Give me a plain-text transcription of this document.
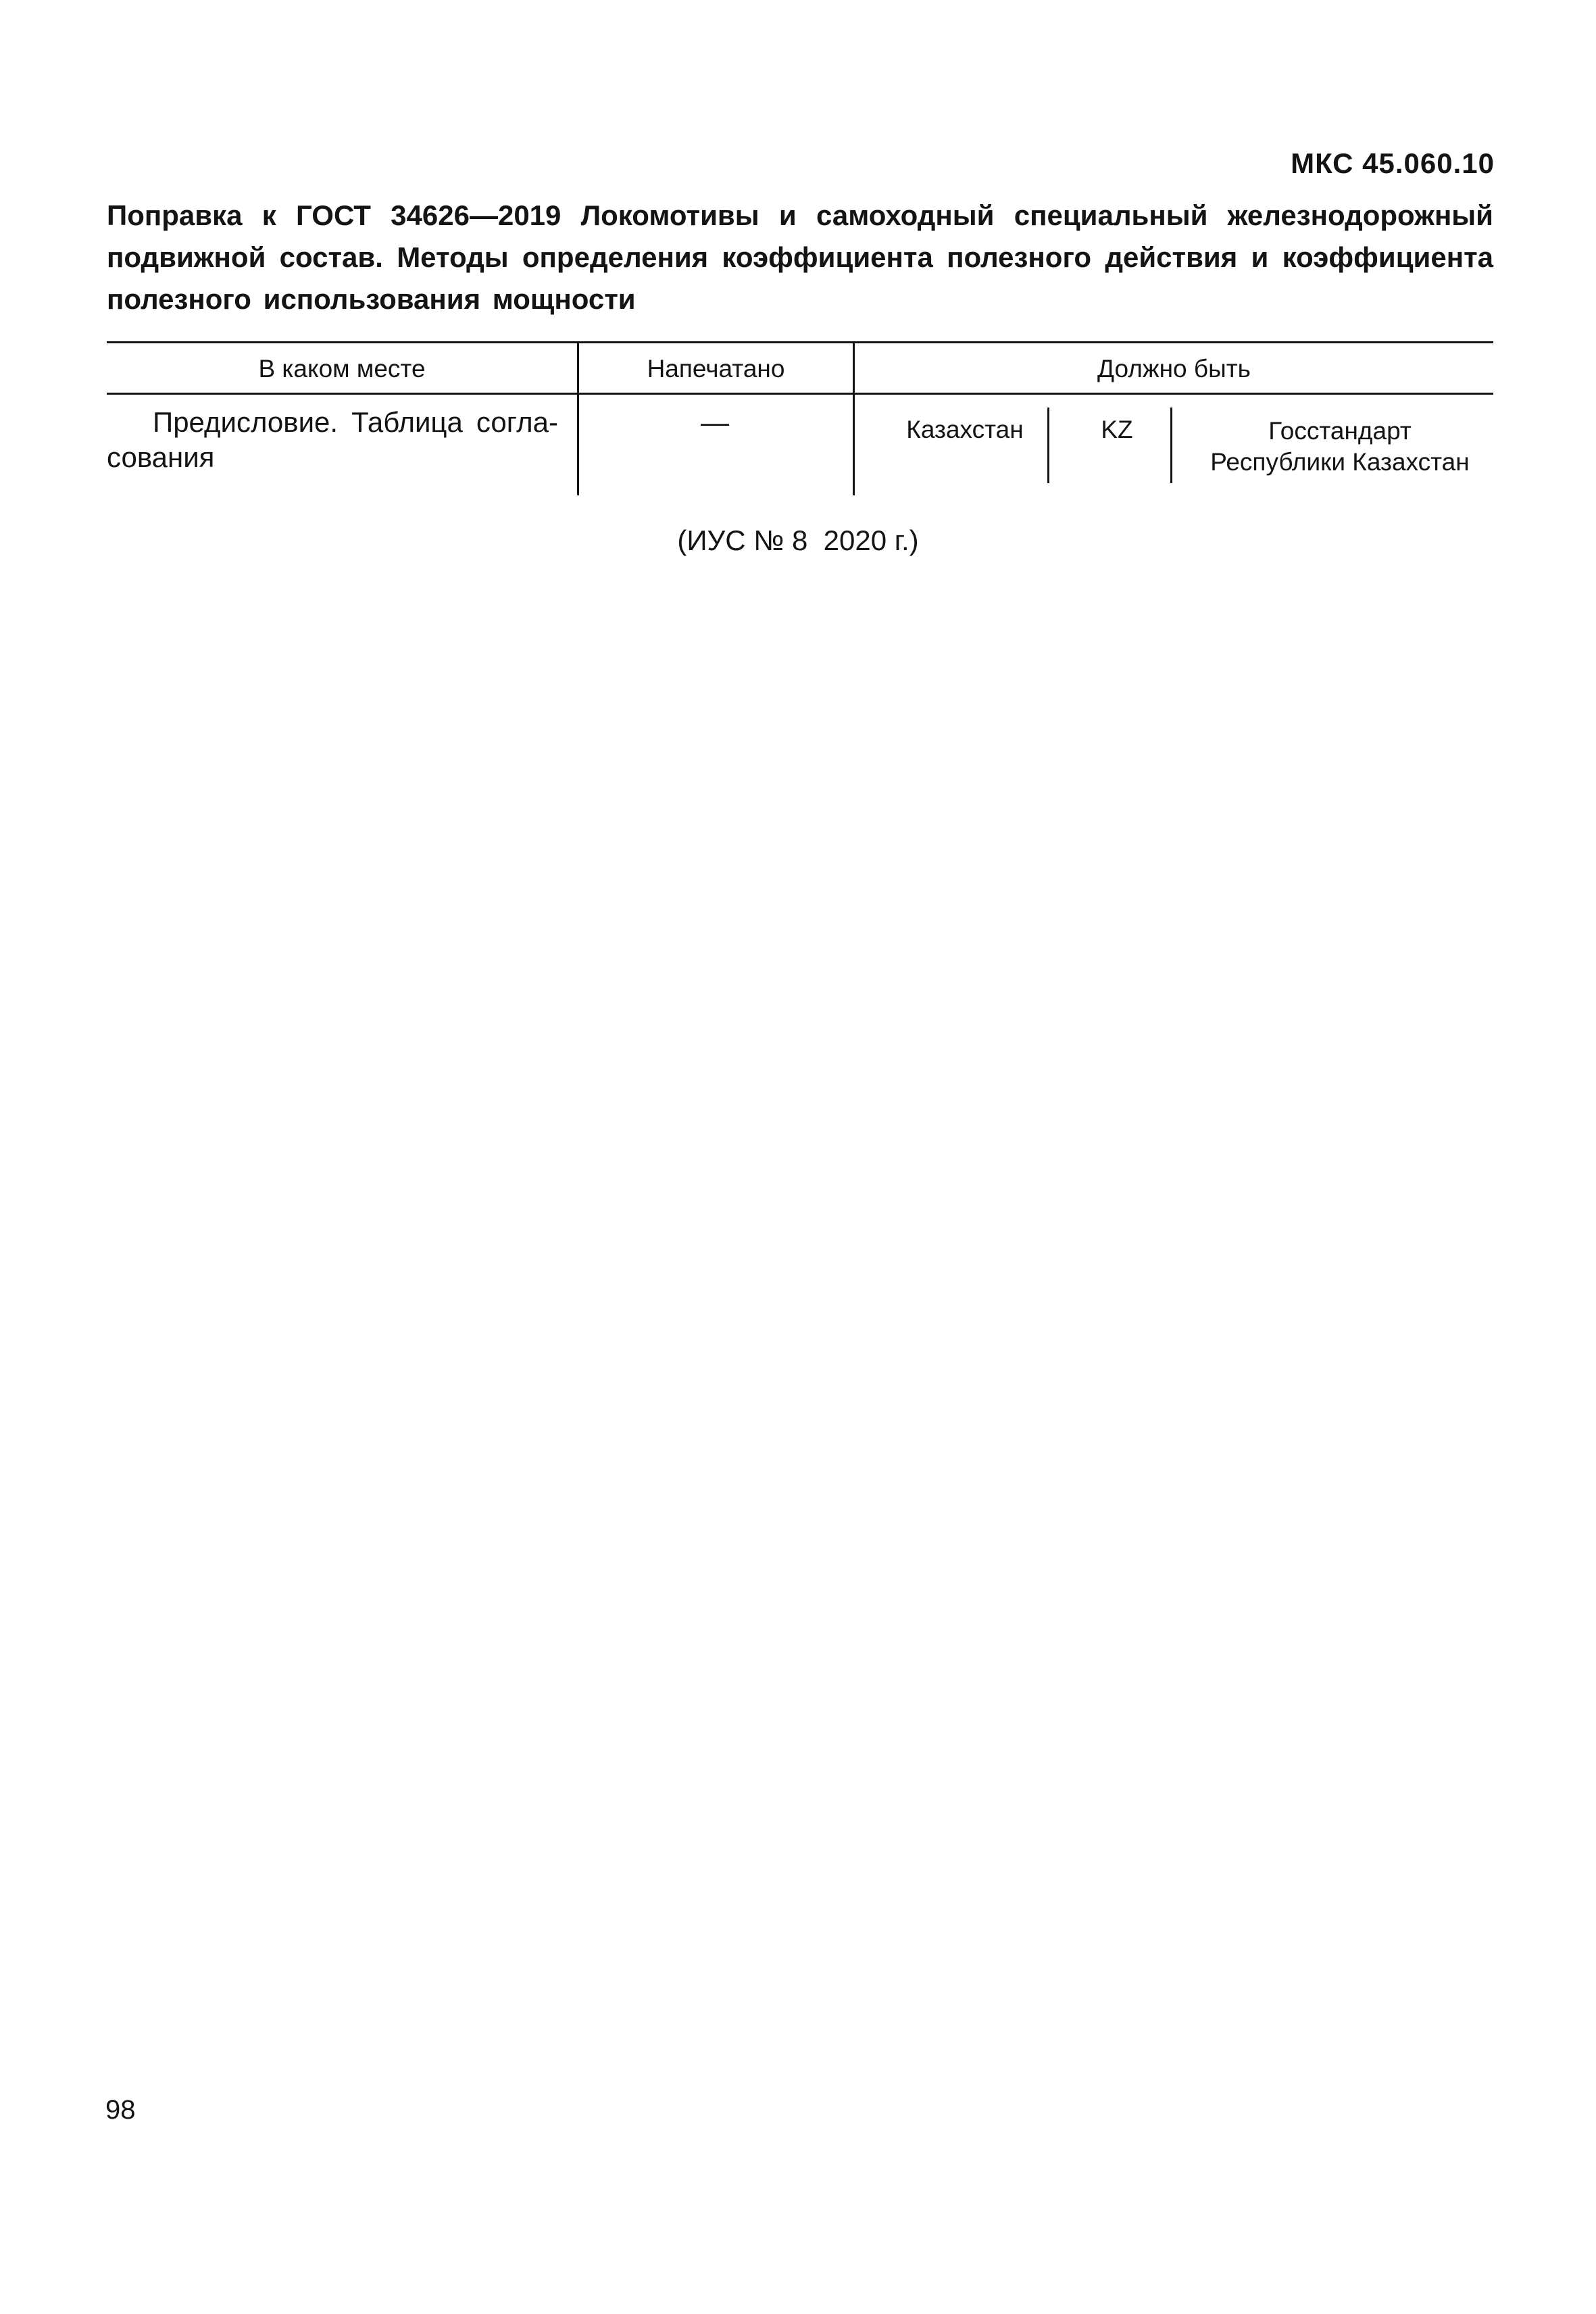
МКС 45.060.10
Поправка к ГОСТ 34626—2019 Локомотивы и самоходный специальный железнодорожный
подвижной состав. Методы определения коэффициента полезного действия и коэффициента
полезного использования мощности
В каком месте	Напечатано	Должно быть
Предисловие. Таблица согла-
сования
—	Казахстан	KZ	Госстандарт
Республики Казахстан
(ИУС № 8  2020 г.)
98
